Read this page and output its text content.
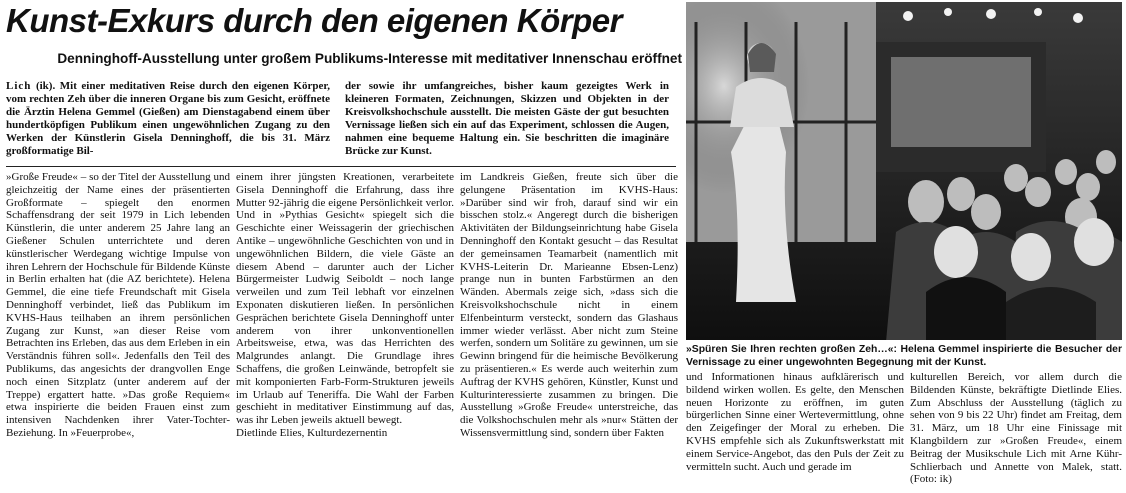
Kunst-Exkurs durch den eigenen Körper
Denninghoff-Ausstellung unter großem Publikums-Interesse mit meditativer Innenschau eröffnet
Lich (ik). Mit einer meditativen Reise durch den eigenen Körper, vom rechten Zeh über die inneren Organe bis zum Gesicht, eröffnete die Ärztin Helena Gemmel (Gießen) am Dienstagabend einem über hundertköpfigen Publikum einen ungewöhnlichen Zugang zu den Werken der Künstlerin Gisela Denninghoff, die bis 31. März großformatige Bil-
der sowie ihr umfangreiches, bisher kaum gezeigtes Werk in kleineren Formaten, Zeichnungen, Skizzen und Objekten in der Kreisvolkshochschule ausstellt. Die meisten Gäste der gut besuchten Vernissage ließen sich ein auf das Experiment, schlossen die Augen, nahmen eine bequeme Haltung ein. Sie beschritten die imaginäre Brücke zur Kunst.

»Große Freude« – so der Titel der Ausstellung und gleichzeitig der Name eines der präsentierten Großformate – spiegelt den enormen Schaffensdrang der seit 1979 in Lich lebenden Künstlerin, die unter anderem 25 Jahre lang an Gießener Schulen unterrichtete und deren künstlerischer Werdegang wichtige Impulse von ihren Lehrern der Hochschule für Bildende Künste in Berlin erhalten hat (die AZ berichtete). Helena Gemmel, die eine tiefe Freundschaft mit Gisela Denninghoff verbindet, ließ das Publikum im KVHS-Haus teilhaben an ihrem persönlichen Zugang zur Kunst, »an dieser Reise vom Betrachten ins Erleben, das aus dem Erleben in ein Verständnis führen soll«. Jedenfalls den Teil des Publikums, das angesichts der drangvollen Enge noch einen Sitzplatz (unter anderem auf der Treppe) ergattert hatte. »Das große Requiem« etwa inspirierte die beiden Frauen einst zum intensiven Nachdenken ihrer Vater-Tochter-Beziehung. In »Feuerprobe«,

einem ihrer jüngsten Kreationen, verarbeitete Gisela Denninghoff die Erfahrung, dass ihre Mutter 92-jährig die eigene Persönlichkeit verlor. Und in »Pythias Gesicht« spiegelt sich die Geschichte einer Weissagerin der griechischen Antike – ungewöhnliche Geschichten von und in ungewöhnlichen Bildern, die viele Gäste an diesem Abend – darunter auch der Licher Bürgermeister Ludwig Seiboldt – noch lange verweilen und zum Teil lebhaft vor einzelnen Exponaten diskutieren ließen. In persönlichen Gesprächen berichtete Gisela Denninghoff unter anderem von ihrer unkonventionellen Arbeitsweise, etwa, was das Herrichten des Malgrundes anlangt. Die Grundlage ihres Schaffens, die großen Leinwände, betropfelt sie mit komponierten Farb-Form-Strukturen jeweils im Urlaub auf Teneriffa. Die Wahl der Farben geschieht in meditativer Einstimmung auf das, was ihr Leben jeweils aktuell bewegt.
Dietlinde Elies, Kulturdezernentin

im Landkreis Gießen, freute sich über die gelungene Präsentation im KVHS-Haus: »Darüber sind wir froh, darauf sind wir ein bisschen stolz.« Angeregt durch die bisherigen Aktivitäten der Bildungseinrichtung habe Gisela Denninghoff den Kontakt gesucht – das Resultat der gemeinsamen Teamarbeit (namentlich mit KVHS-Leiterin Dr. Marieanne Ebsen-Lenz) prange nun in bunten Farbstürmen an den Wänden. Abermals zeige sich, »dass sich die Kreisvolkshochschule nicht in einem Elfenbeinturm versteckt, sondern das Glashaus immer wieder verlässt. Aber nicht zum Steine werfen, sondern um Solitäre zu gewinnen, um sie Gewinn bringend für die heimische Bevölkerung zu präsentieren.« Es werde auch weiterhin zum Auftrag der KVHS gehören, Künstler, Kunst und Kulturinteressierte zusammen zu bringen. Die Ausstellung »Große Freude« unterstreiche, das die Volkshochschulen mehr als »nur« Stätten der Wissensvermittlung sind, sondern über Fakten

»Spüren Sie Ihren rechten großen Zeh…«: Helena Gemmel inspirierte die Besucher der Vernissage zu einer ungewohnten Begegnung mit der Kunst.

und Informationen hinaus aufklärerisch und bildend wirken wollen. Es gelte, den Menschen neuen Horizonte zu eröffnen, im guten bürgerlichen Sinne einer Wertevermittlung, ohne den Zeigefinger der Moral zu erheben. Die KVHS empfehle sich als Zukunftswerkstatt mit einem Service-Angebot, das den Puls der Zeit zu vermitteln sucht. Auch und gerade im

kulturellen Bereich, vor allem durch die Bildenden Künste, bekräftigte Dietlinde Elies. Zum Abschluss der Ausstellung (täglich zu sehen von 9 bis 22 Uhr) findet am Freitag, dem 31. März, um 18 Uhr eine Finissage mit Klangbildern zur »Großen Freude«, einem Beitrag der Musikschule Lich mit Arne Kühr-Schlierbach und Annette von Malek, statt. (Foto: ik)
